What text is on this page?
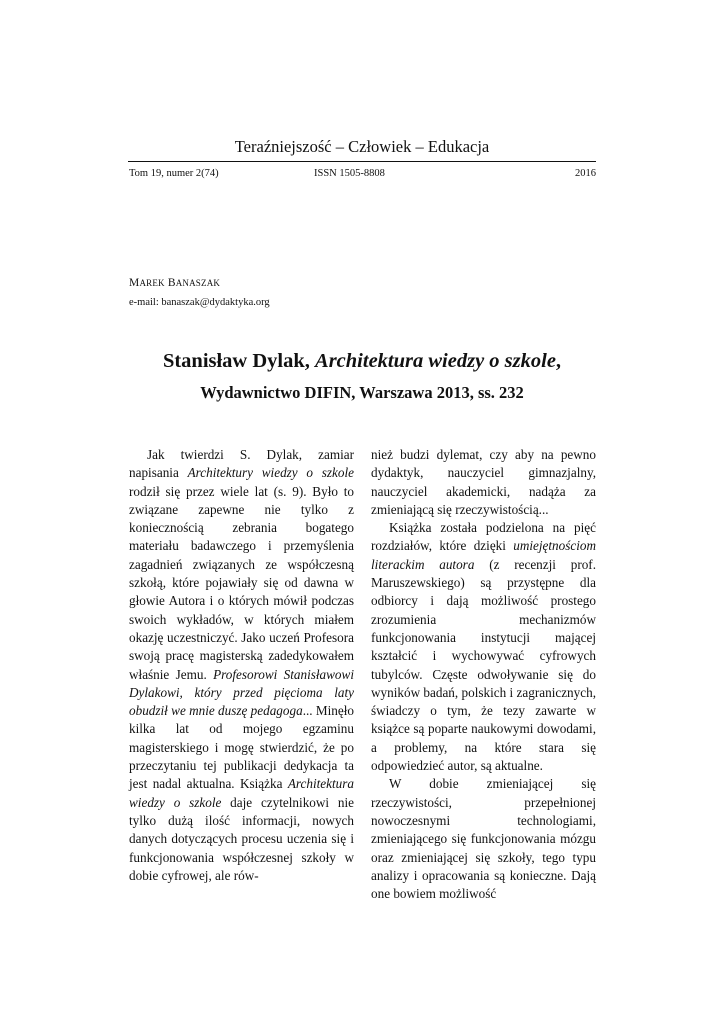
Teraźniejszość – Człowiek – Edukacja
Tom 19, numer 2(74)	ISSN 1505-8808	2016
MAREK BANASZAK
e-mail: banaszak@dydaktyka.org
Stanisław Dylak, Architektura wiedzy o szkole,
Wydawnictwo DIFIN, Warszawa 2013, ss. 232

Jak twierdzi S. Dylak, zamiar napisania Architektury wiedzy o szkole rodził się przez wiele lat (s. 9). Było to związane zapewne nie tylko z koniecznością zebrania bogatego materiału badawczego i przemyślenia zagadnień związanych ze współczesną szkołą, które pojawiały się od dawna w głowie Autora i o których mówił podczas swoich wykładów, w których miałem okazję uczestniczyć. Jako uczeń Profesora swoją pracę magisterską zadedykowałem właśnie Jemu. Profesorowi Stanisławowi Dylakowi, który przed pięcioma laty obudził we mnie duszę pedagoga... Minęło kilka lat od mojego egzaminu magisterskiego i mogę stwierdzić, że po przeczytaniu tej publikacji dedykacja ta jest nadal aktualna. Książka Architektura wiedzy o szkole daje czytelnikowi nie tylko dużą ilość informacji, nowych danych dotyczących procesu uczenia się i funkcjonowania współczesnej szkoły w dobie cyfrowej, ale rów-

nież budzi dylemat, czy aby na pewno dydaktyk, nauczyciel gimnazjalny, nauczyciel akademicki, nadąża za zmieniającą się rzeczywistością...

Książka została podzielona na pięć rozdziałów, które dzięki umiejętnościom literackim autora (z recenzji prof. Maruszewskiego) są przystępne dla odbiorcy i dają możliwość prostego zrozumienia mechanizmów funkcjonowania instytucji mającej kształcić i wychowywać cyfrowych tubylców. Częste odwoływanie się do wyników badań, polskich i zagranicznych, świadczy o tym, że tezy zawarte w książce są poparte naukowymi dowodami, a problemy, na które stara się odpowiedzieć autor, są aktualne.

W dobie zmieniającej się rzeczywistości, przepełnionej nowoczesnymi technologiami, zmieniającego się funkcjonowania mózgu oraz zmieniającej się szkoły, tego typu analizy i opracowania są konieczne. Dają one bowiem możliwość
